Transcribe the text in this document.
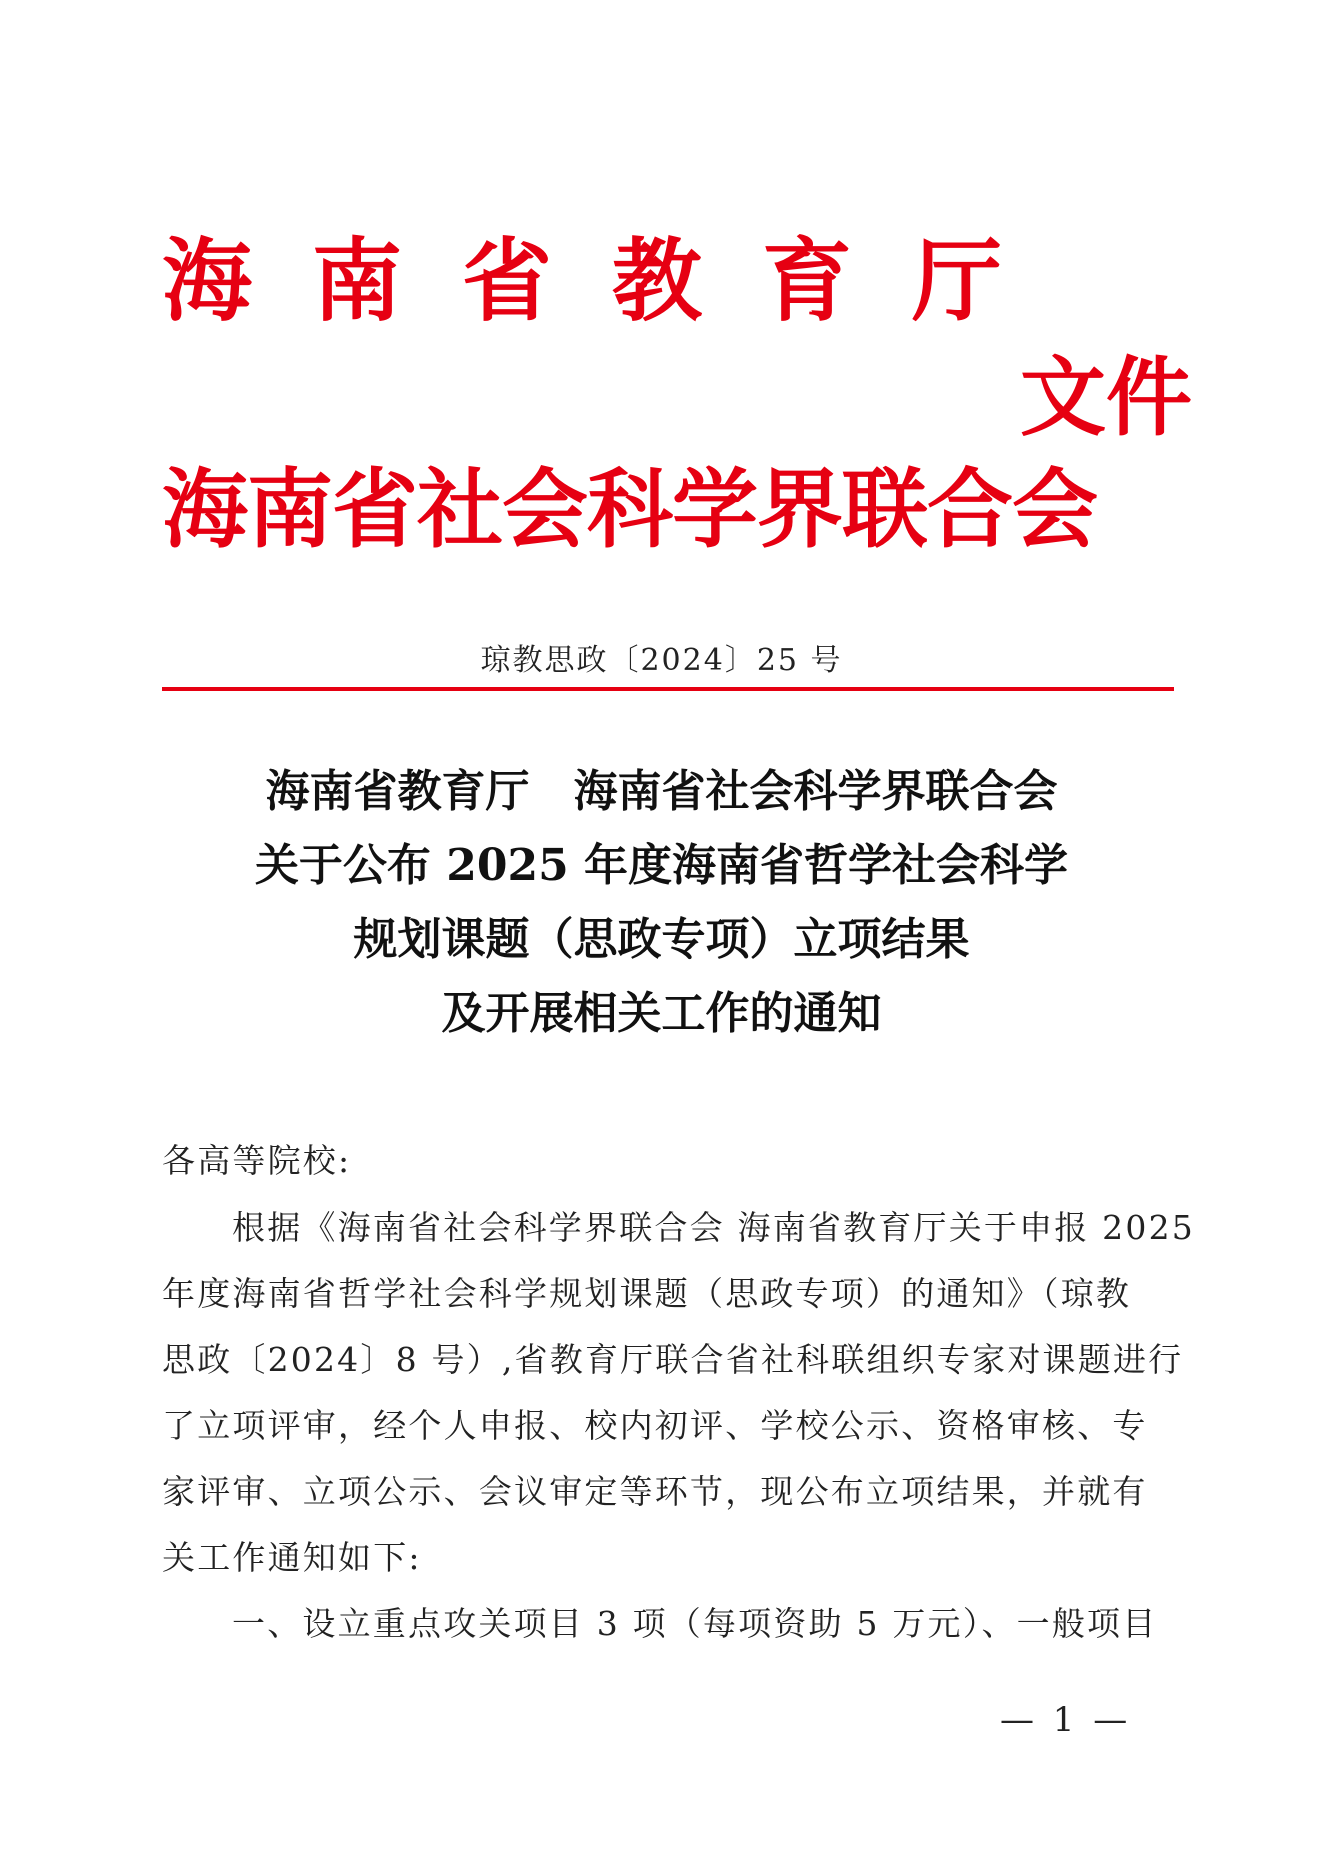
海 南 省 教 育 厅
文件
海南省社会科学界联合会
琼教思政〔2024〕25 号
海南省教育厅　海南省社会科学界联合会
关于公布 2025 年度海南省哲学社会科学
规划课题（思政专项）立项结果
及开展相关工作的通知
各高等院校:
根据《海南省社会科学界联合会 海南省教育厅关于申报 2025
年度海南省哲学社会科学规划课题（思政专项）的通知》（琼教
思政〔2024〕8 号）,省教育厅联合省社科联组织专家对课题进行
了立项评审，经个人申报、校内初评、学校公示、资格审核、专
家评审、立项公示、会议审定等环节，现公布立项结果，并就有
关工作通知如下:
一、设立重点攻关项目 3 项（每项资助 5 万元）、一般项目
— 1 —
